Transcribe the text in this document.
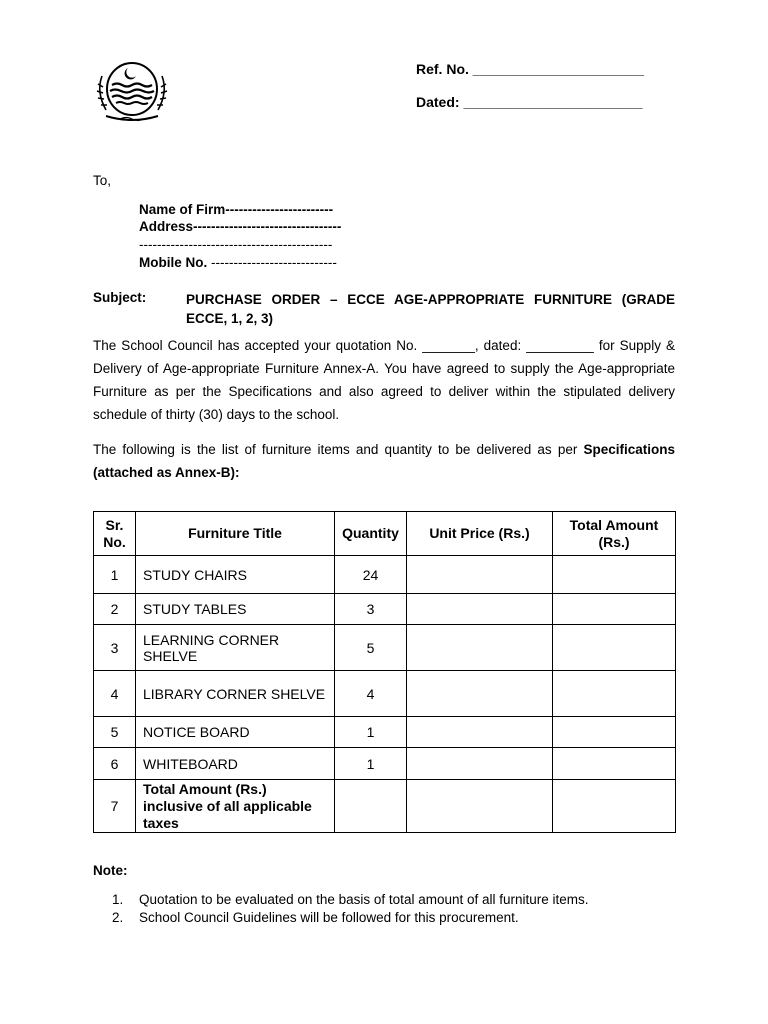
Ref. No. ______________________
Dated: _______________________
To,
Name of Firm------------------------
Address---------------------------------
-------------------------------------------
Mobile No. ----------------------------
Subject:	PURCHASE ORDER – ECCE AGE-APPROPRIATE FURNITURE (GRADE ECCE, 1, 2, 3)
The School Council has accepted your quotation No. _______, dated: _________ for Supply & Delivery of Age-appropriate Furniture Annex-A. You have agreed to supply the Age-appropriate Furniture as per the Specifications and also agreed to deliver within the stipulated delivery schedule of thirty (30) days to the school.
The following is the list of furniture items and quantity to be delivered as per Specifications (attached as Annex-B):
Sr. No.	Furniture Title	Quantity	Unit Price (Rs.)	Total Amount (Rs.)
1	STUDY CHAIRS	24		
2	STUDY TABLES	3		
3	LEARNING CORNER SHELVE	5		
4	LIBRARY CORNER SHELVE	4		
5	NOTICE BOARD	1		
6	WHITEBOARD	1		
7	Total Amount (Rs.) inclusive of all applicable taxes			
Note:
1. Quotation to be evaluated on the basis of total amount of all furniture items.
2. School Council Guidelines will be followed for this procurement.
